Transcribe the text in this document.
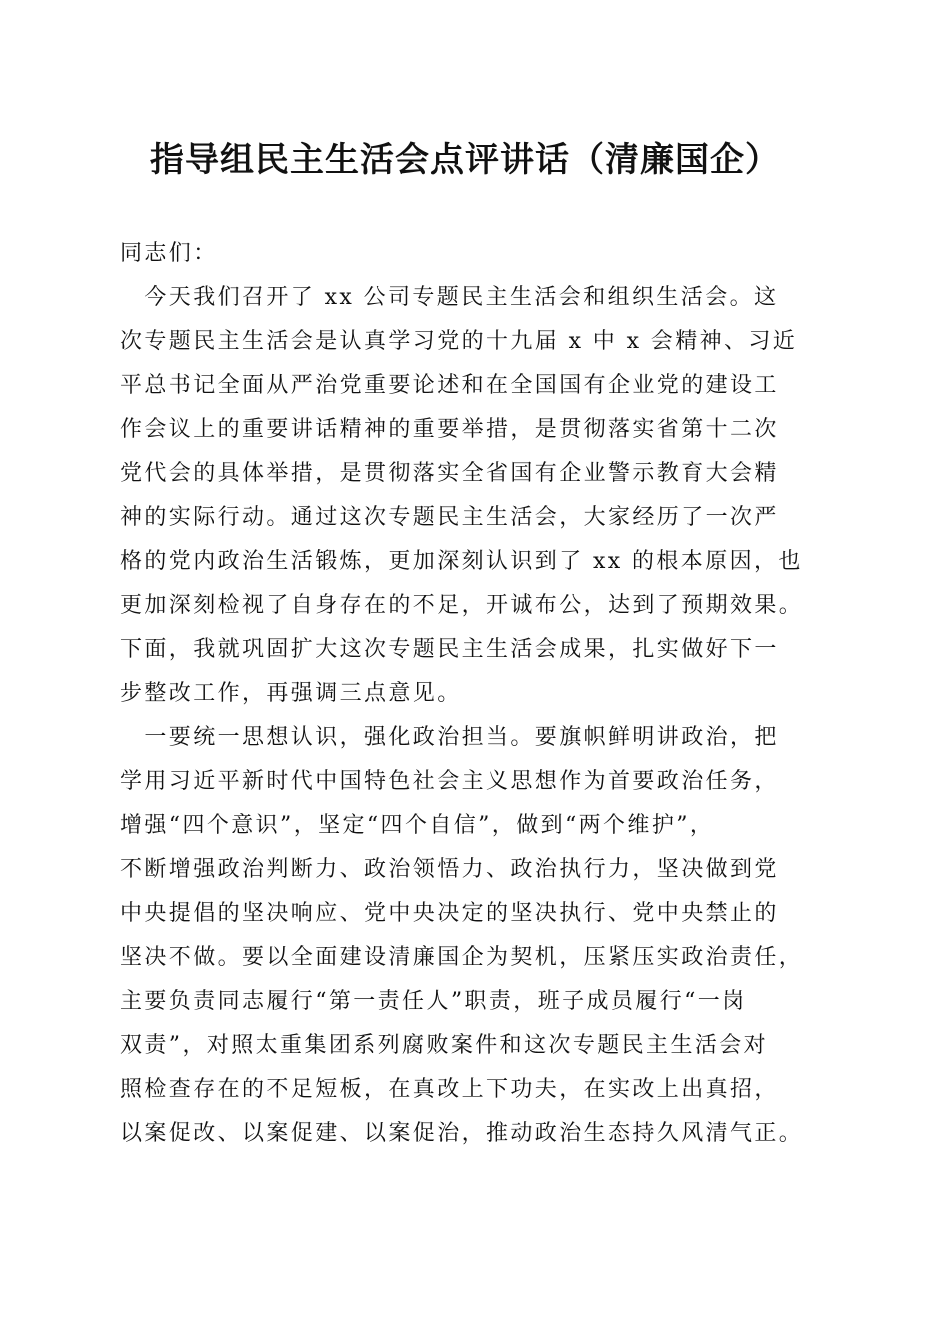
指导组民主生活会点评讲话（清廉国企）

同志们：

　今天我们召开了 xx 公司专题民主生活会和组织生活会。这

次专题民主生活会是认真学习党的十九届 x 中 x 会精神、习近

平总书记全面从严治党重要论述和在全国国有企业党的建设工

作会议上的重要讲话精神的重要举措，是贯彻落实省第十二次

党代会的具体举措，是贯彻落实全省国有企业警示教育大会精

神的实际行动。通过这次专题民主生活会，大家经历了一次严

格的党内政治生活锻炼，更加深刻认识到了 xx 的根本原因，也

更加深刻检视了自身存在的不足，开诚布公，达到了预期效果。

下面，我就巩固扩大这次专题民主生活会成果，扎实做好下一

步整改工作，再强调三点意见。

　一要统一思想认识，强化政治担当。要旗帜鲜明讲政治，把

学用习近平新时代中国特色社会主义思想作为首要政治任务，

增强“四个意识”，坚定“四个自信”，做到“两个维护”，

不断增强政治判断力、政治领悟力、政治执行力，坚决做到党

中央提倡的坚决响应、党中央决定的坚决执行、党中央禁止的

坚决不做。要以全面建设清廉国企为契机，压紧压实政治责任，

主要负责同志履行“第一责任人”职责，班子成员履行“一岗

双责”，对照太重集团系列腐败案件和这次专题民主生活会对

照检查存在的不足短板，在真改上下功夫，在实改上出真招，

以案促改、以案促建、以案促治，推动政治生态持久风清气正。
